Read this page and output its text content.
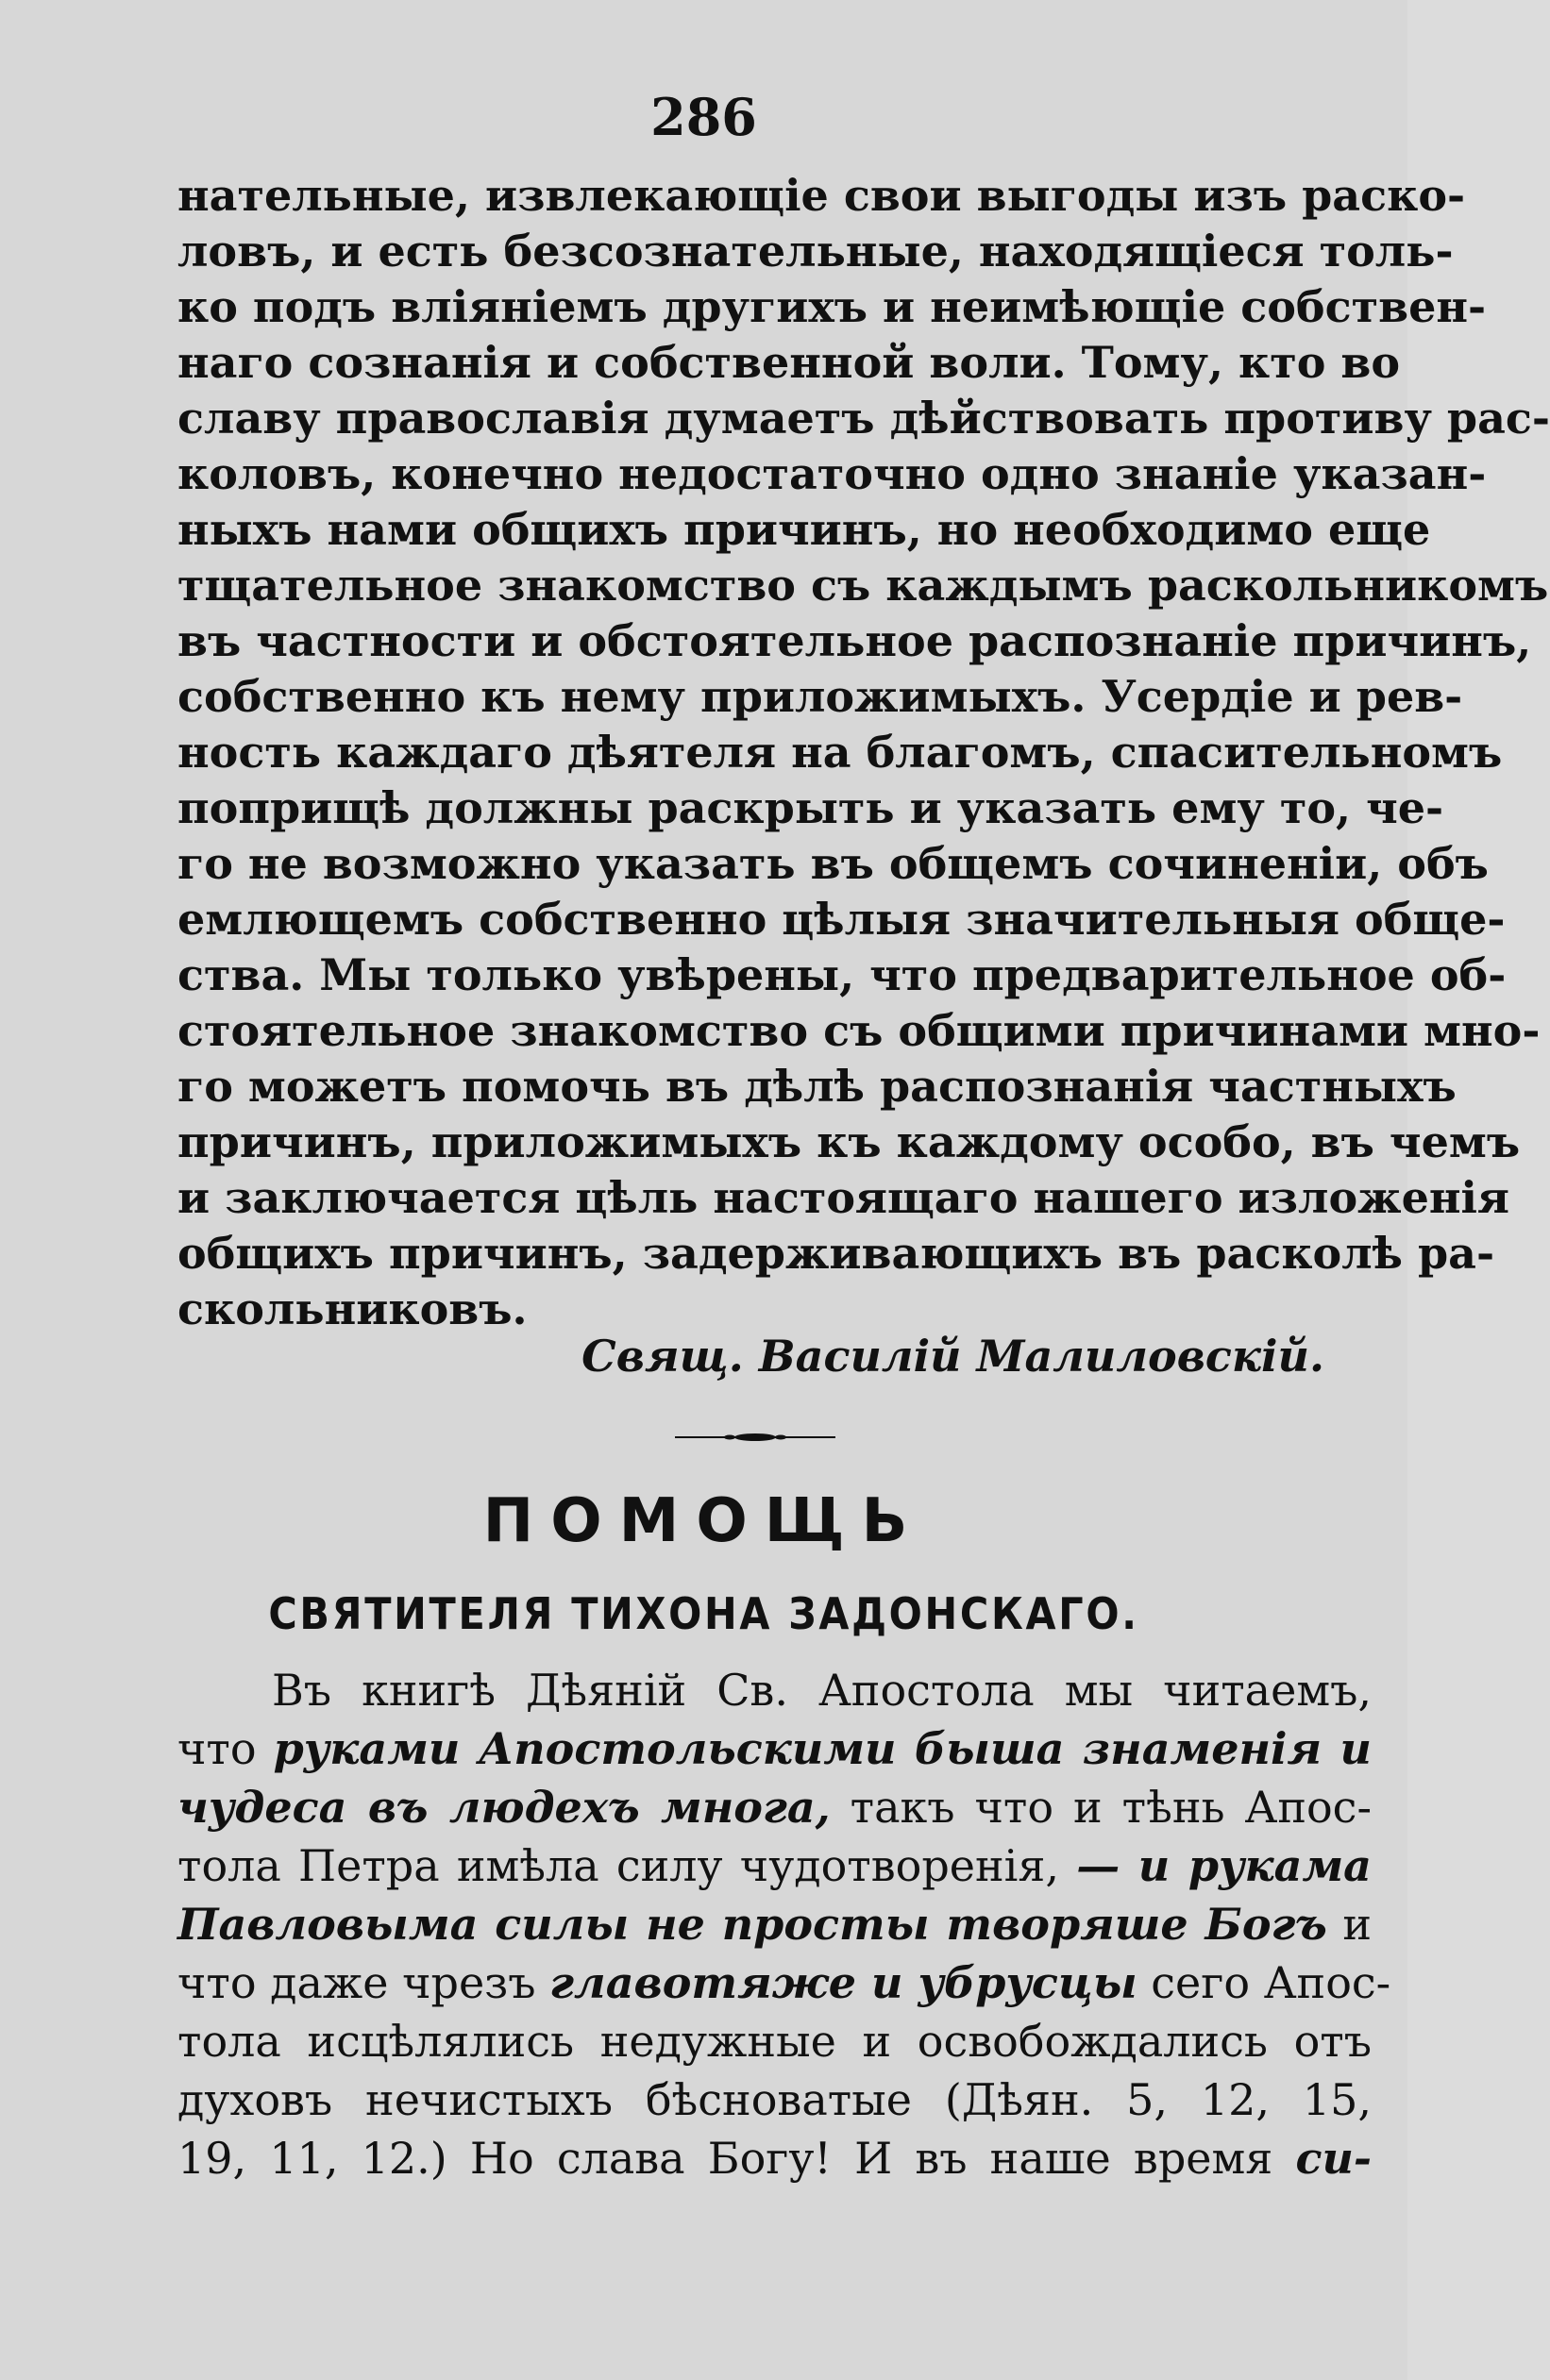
286
нательные, извлекающіе свои выгоды изъ раско-
ловъ, и есть безсознательные, находящіеся толь-
ко подъ вліяніемъ другихъ и неимѣющіе собствен-
наго сознанія и собственной воли. Тому, кто во
славу православія думаетъ дѣйствовать противу рас-
коловъ, конечно недостаточно одно знаніе указан-
ныхъ нами общихъ причинъ, но необходимо еще
тщательное знакомство съ каждымъ раскольникомъ
въ частности и обстоятельное распознаніе причинъ,
собственно къ нему приложимыхъ. Усердіе и рев-
ность каждаго дѣятеля на благомъ, спасительномъ
поприщѣ должны раскрыть и указать ему то, че-
го не возможно указать въ общемъ сочиненіи, объ
емлющемъ собственно цѣлыя значительныя обще-
ства. Мы только увѣрены, что предварительное об-
стоятельное знакомство съ общими причинами мно-
го можетъ помочь въ дѣлѣ распознанія частныхъ
причинъ, приложимыхъ къ каждому особо, въ чемъ
и заключается цѣль настоящаго нашего изложенія
общихъ причинъ, задерживающихъ въ расколѣ ра-
скольниковъ.
Свящ. Василій Малиловскій.
ПОМОЩЬ
СВЯТИТЕЛЯ ТИХОНА ЗАДОНСКАГО.
Въ книгѣ Дѣяній Св. Апостола мы читаемъ,
что руками Апостольскими быша знаменія и
чудеса въ людехъ многа, такъ что и тѣнь Апос-
тола Петра имѣла силу чудотворенія, — и рукама
Павловыма силы не просты творяше Богъ и
что даже чрезъ главотяже и убрусцы сего Апос-
тола исцѣлялись недужные и освобождались отъ
духовъ нечистыхъ бѣсноватые (Дѣян. 5, 12, 15,
19, 11, 12.) Но слава Богу! И въ наше время си-
